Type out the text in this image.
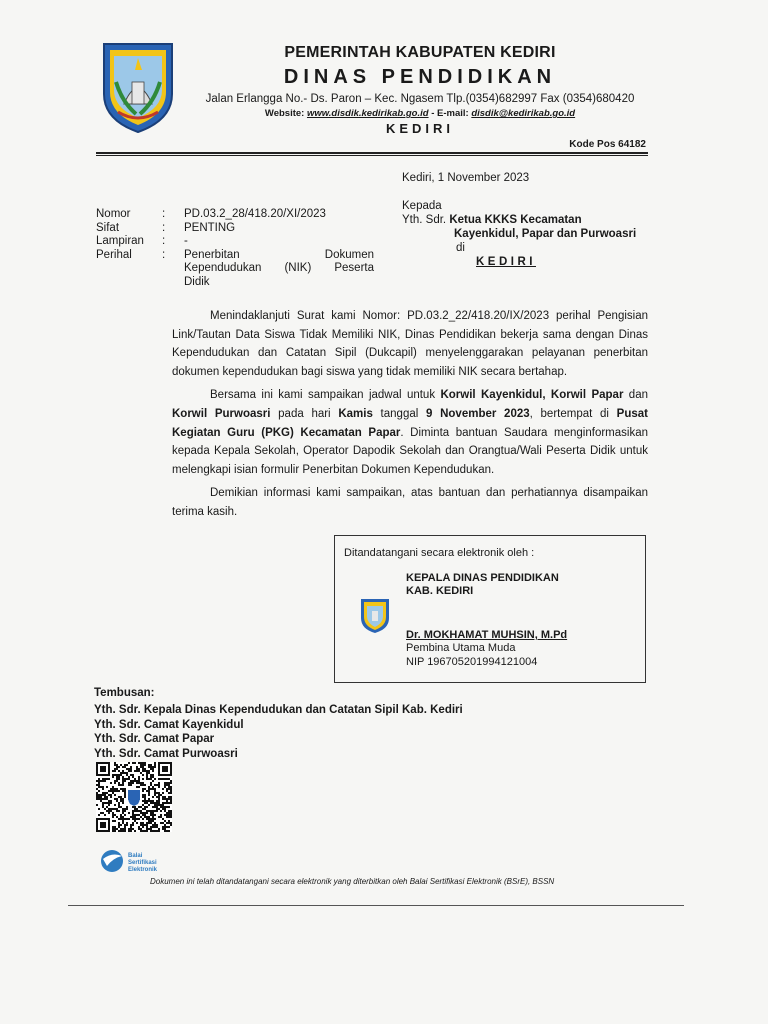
PEMERINTAH KABUPATEN KEDIRI
DINAS PENDIDIKAN
Jalan Erlangga No.- Ds. Paron – Kec. Ngasem Tlp.(0354)682997 Fax (0354)680420
Website: www.disdik.kedirikab.go.id - E-mail: disdik@kedirikab.go.id
KEDIRI
Kode Pos 64182
Kediri, 1 November 2023
Kepada
Yth. Sdr. Ketua KKKS Kecamatan
Kayenkidul, Papar dan Purwoasri
di
KEDIRI
Nomor	:	PD.03.2_28/418.20/XI/2023
Sifat	:	PENTING
Lampiran	:	-
Perihal	:	Penerbitan Dokumen
Kependudukan (NIK) Peserta
Didik

Menindaklanjuti Surat kami Nomor: PD.03.2_22/418.20/IX/2023 perihal Pengisian Link/Tautan Data Siswa Tidak Memiliki NIK, Dinas Pendidikan bekerja sama dengan Dinas Kependudukan dan Catatan Sipil (Dukcapil) menyelenggarakan pelayanan penerbitan dokumen kependudukan bagi siswa yang tidak memiliki NIK secara bertahap.

Bersama ini kami sampaikan jadwal untuk Korwil Kayenkidul, Korwil Papar dan Korwil Purwoasri pada hari Kamis tanggal 9 November 2023, bertempat di Pusat Kegiatan Guru (PKG) Kecamatan Papar. Diminta bantuan Saudara menginformasikan kepada Kepala Sekolah, Operator Dapodik Sekolah dan Orangtua/Wali Peserta Didik untuk melengkapi isian formulir Penerbitan Dokumen Kependudukan.

Demikian informasi kami sampaikan, atas bantuan dan perhatiannya disampaikan terima kasih.

Ditandatangani secara elektronik oleh :
KEPALA DINAS PENDIDIKAN
KAB. KEDIRI
Dr. MOKHAMAT MUHSIN, M.Pd
Pembina Utama Muda
NIP 196705201994121004
Tembusan:
Yth. Sdr. Kepala Dinas Kependudukan dan Catatan Sipil Kab. Kediri
Yth. Sdr. Camat Kayenkidul
Yth. Sdr. Camat Papar
Yth. Sdr. Camat Purwoasri
Balai
Sertifikasi
Elektronik
Dokumen ini telah ditandatangani secara elektronik yang diterbitkan oleh Balai Sertifikasi Elektronik (BSrE), BSSN
